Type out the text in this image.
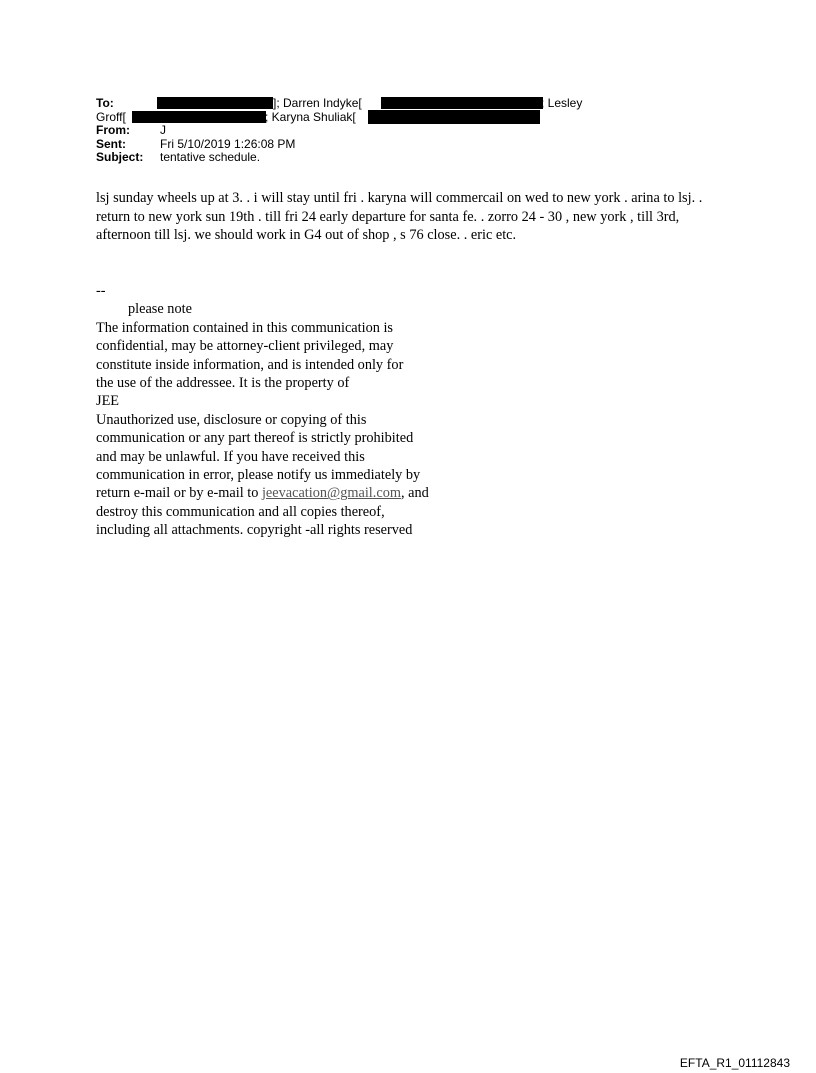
To:	]; Darren Indyke[	; Lesley
Groff[	; Karyna Shuliak[
From:	J
Sent:	Fri 5/10/2019 1:26:08 PM
Subject: tentative schedule.

lsj sunday wheels up at 3. . i will stay until fri . karyna will commercail on wed to new york . arina to lsj. . return to new york sun 19th . till fri 24 early departure for santa fe. . zorro 24 - 30 , new york , till 3rd, afternoon till lsj. we should work in G4 out of shop , s 76 close. . eric etc.

--
please note
The information contained in this communication is
confidential, may be attorney-client privileged, may
constitute inside information, and is intended only for
the use of the addressee. It is the property of
JEE
Unauthorized use, disclosure or copying of this
communication or any part thereof is strictly prohibited
and may be unlawful. If you have received this
communication in error, please notify us immediately by
return e-mail or by e-mail to jeevacation@gmail.com, and
destroy this communication and all copies thereof,
including all attachments. copyright -all rights reserved
EFTA_R1_01112843
